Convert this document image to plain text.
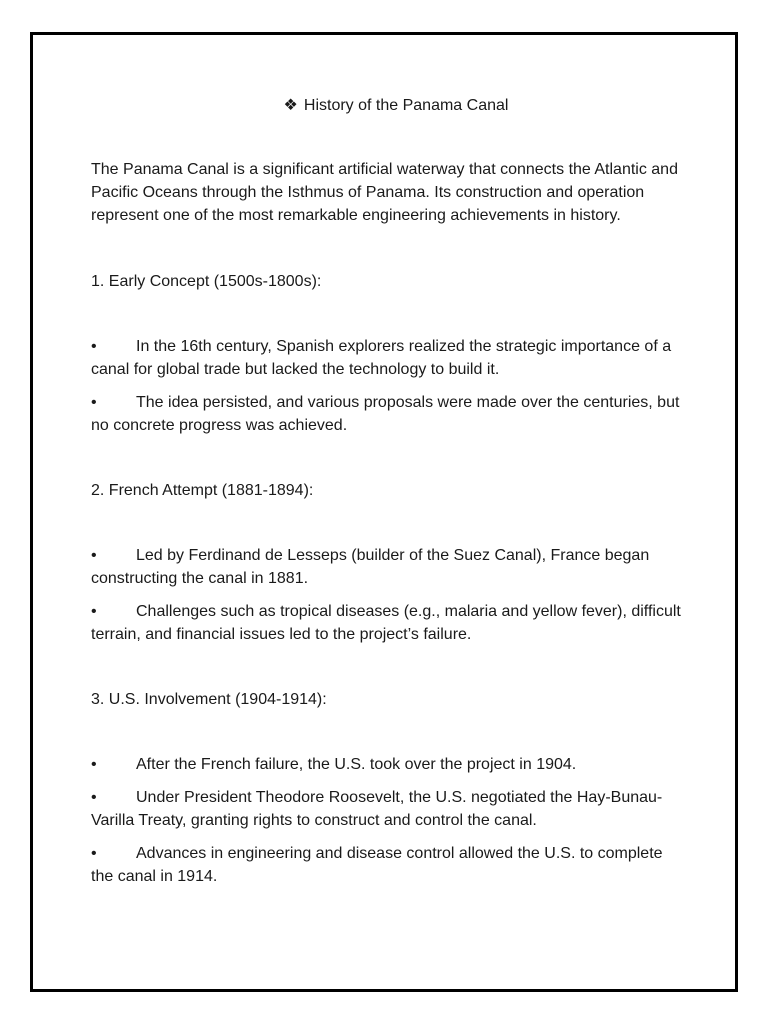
❖ History of the Panama Canal

The Panama Canal is a significant artificial waterway that connects the Atlantic and Pacific Oceans through the Isthmus of Panama. Its construction and operation represent one of the most remarkable engineering achievements in history.

1. Early Concept (1500s-1800s):

• In the 16th century, Spanish explorers realized the strategic importance of a canal for global trade but lacked the technology to build it.

• The idea persisted, and various proposals were made over the centuries, but no concrete progress was achieved.

2. French Attempt (1881-1894):

• Led by Ferdinand de Lesseps (builder of the Suez Canal), France began constructing the canal in 1881.

• Challenges such as tropical diseases (e.g., malaria and yellow fever), difficult terrain, and financial issues led to the project’s failure.

3. U.S. Involvement (1904-1914):

• After the French failure, the U.S. took over the project in 1904.

• Under President Theodore Roosevelt, the U.S. negotiated the Hay-Bunau-Varilla Treaty, granting rights to construct and control the canal.

• Advances in engineering and disease control allowed the U.S. to complete the canal in 1914.
